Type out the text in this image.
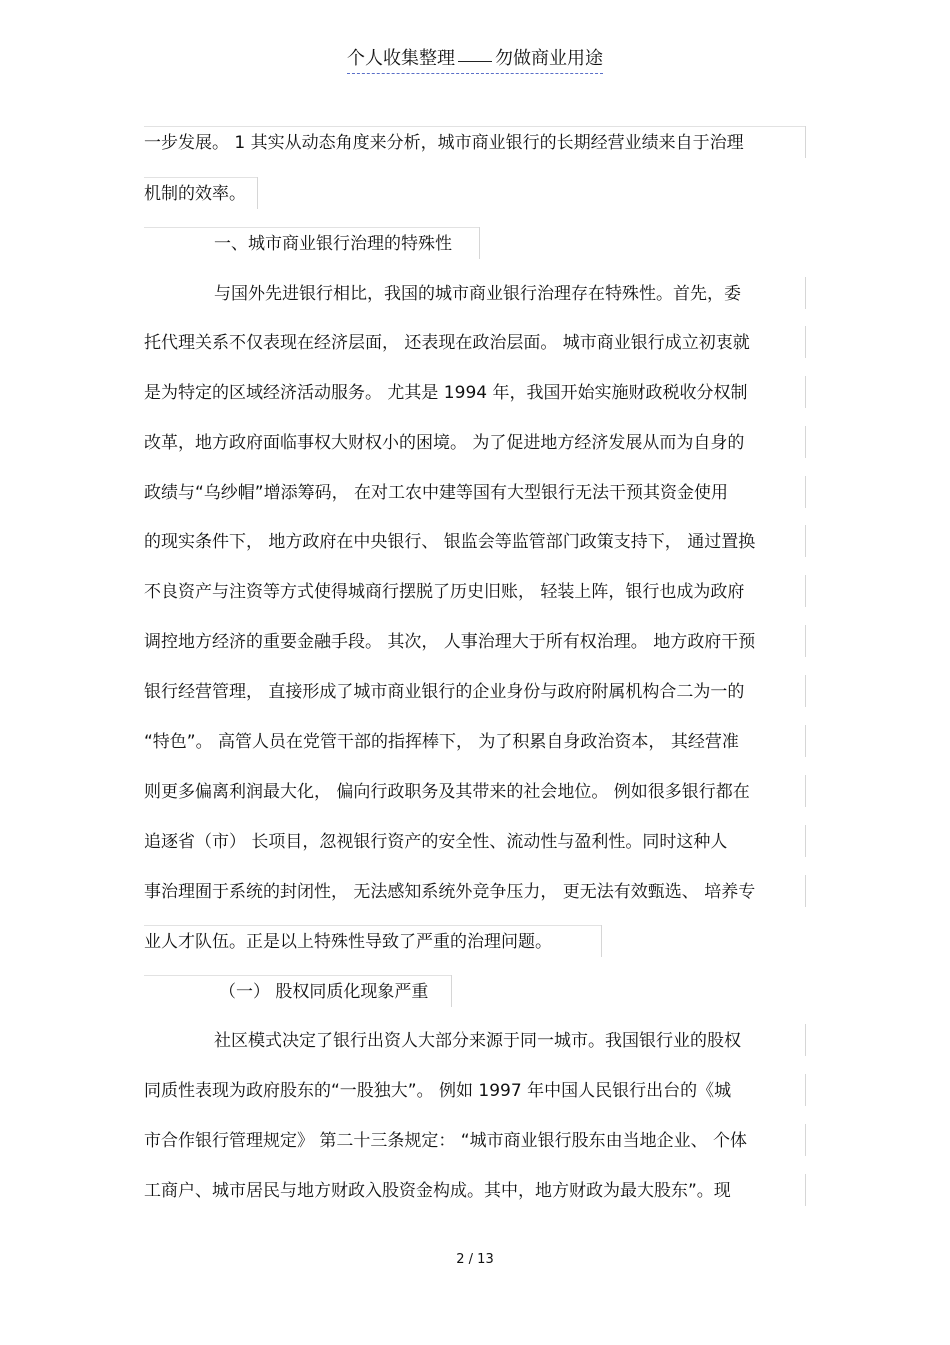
个人收集整理 勿做商业用途
一步发展。 1 其实从动态角度来分析，城市商业银行的长期经营业绩来自于治理
机制的效率。
一、城市商业银行治理的特殊性
与国外先进银行相比，我国的城市商业银行治理存在特殊性。首先，委
托代理关系不仅表现在经济层面， 还表现在政治层面。 城市商业银行成立初衷就
是为特定的区域经济活动服务。 尤其是 1994 年，我国开始实施财政税收分权制
改革，地方政府面临事权大财权小的困境。 为了促进地方经济发展从而为自身的
政绩与“乌纱帽”增添筹码， 在对工农中建等国有大型银行无法干预其资金使用
的现实条件下， 地方政府在中央银行、 银监会等监管部门政策支持下， 通过置换
不良资产与注资等方式使得城商行摆脱了历史旧账， 轻装上阵，银行也成为政府
调控地方经济的重要金融手段。 其次， 人事治理大于所有权治理。 地方政府干预
银行经营管理， 直接形成了城市商业银行的企业身份与政府附属机构合二为一的
“特色”。 高管人员在党管干部的指挥棒下， 为了积累自身政治资本， 其经营准
则更多偏离利润最大化， 偏向行政职务及其带来的社会地位。 例如很多银行都在
追逐省（市） 长项目，忽视银行资产的安全性、流动性与盈利性。同时这种人
事治理囿于系统的封闭性， 无法感知系统外竞争压力， 更无法有效甄选、 培养专
业人才队伍。正是以上特殊性导致了严重的治理问题。
（一） 股权同质化现象严重
社区模式决定了银行出资人大部分来源于同一城市。我国银行业的股权
同质性表现为政府股东的“一股独大”。 例如 1997 年中国人民银行出台的《城
市合作银行管理规定》 第二十三条规定： “城市商业银行股东由当地企业、 个体
工商户、城市居民与地方财政入股资金构成。其中，地方财政为最大股东”。现
2 / 13
